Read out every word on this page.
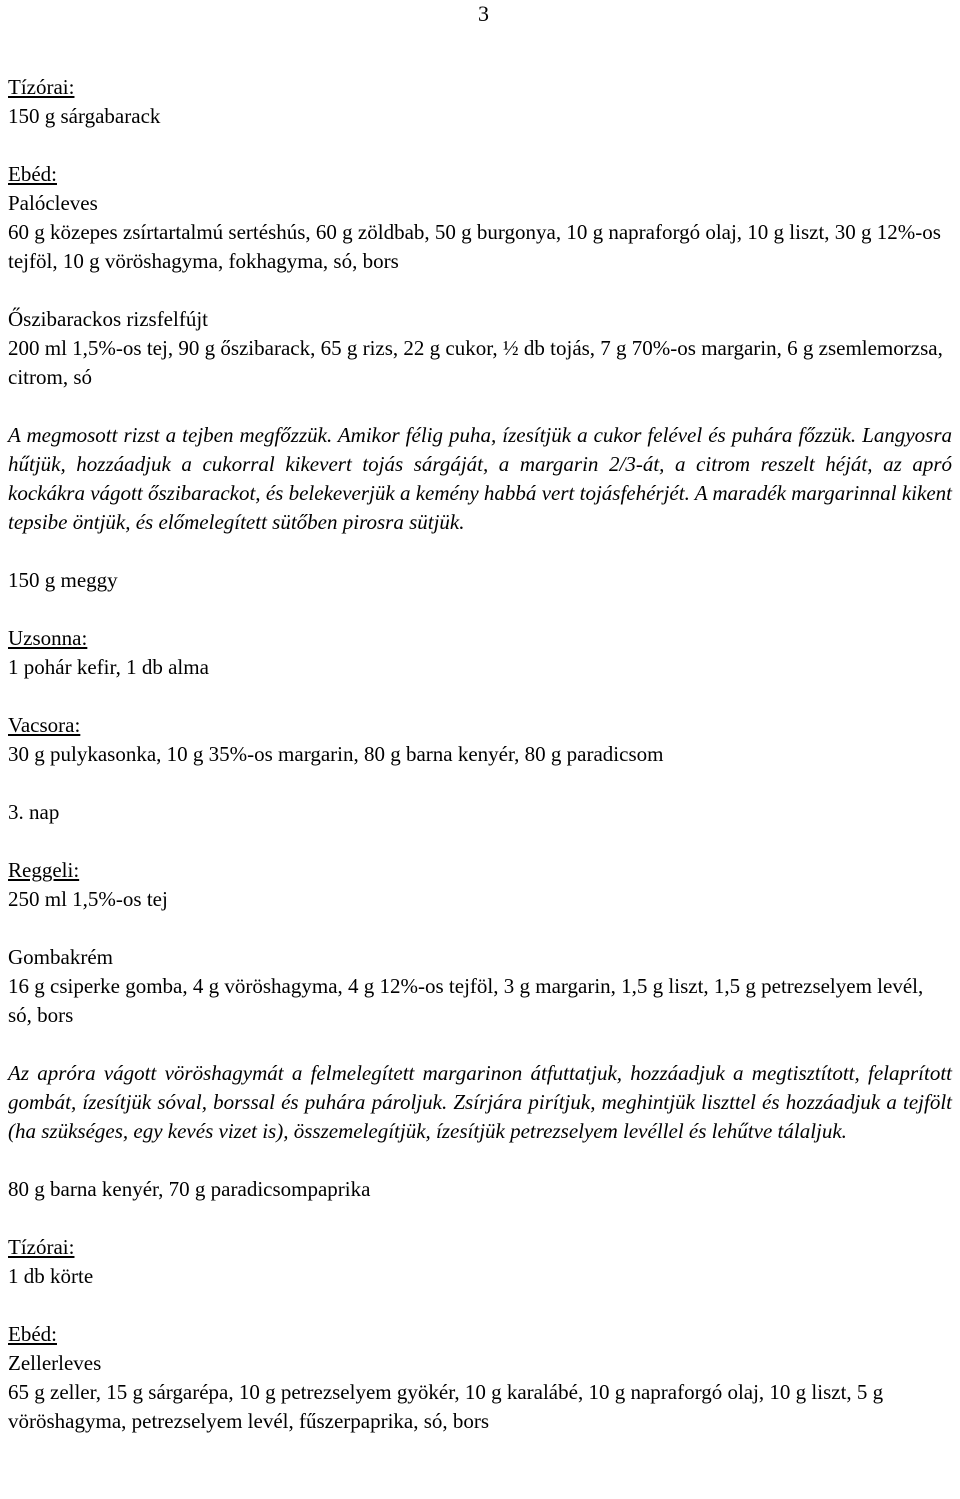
3

Tízórai:

150 g sárgabarack

Ebéd:

Palócleves

60 g közepes zsírtartalmú sertéshús, 60 g zöldbab, 50 g burgonya, 10 g napraforgó olaj, 10 g liszt, 30 g 12%-os tejföl, 10 g vöröshagyma, fokhagyma, só, bors

Őszibarackos rizsfelfújt

200 ml 1,5%-os tej, 90 g őszibarack, 65 g rizs, 22 g cukor, ½ db tojás, 7 g 70%-os margarin, 6 g zsemlemorzsa, citrom, só

A megmosott rizst a tejben megfőzzük. Amikor félig puha, ízesítjük a cukor felével és puhára főzzük. Langyosra hűtjük, hozzáadjuk a cukorral kikevert tojás sárgáját, a margarin 2/3-át, a citrom reszelt héját, az apró kockákra vágott őszibarackot, és belekeverjük a kemény habbá vert tojásfehérjét. A maradék margarinnal kikent tepsibe öntjük, és előmelegített sütőben pirosra sütjük.

150 g meggy

Uzsonna:

1 pohár kefir, 1 db alma

Vacsora:

30 g pulykasonka, 10 g 35%-os margarin, 80 g barna kenyér, 80 g paradicsom

3. nap
Reggeli:

250 ml 1,5%-os tej

Gombakrém

16 g csiperke gomba, 4 g vöröshagyma, 4 g 12%-os tejföl, 3 g margarin, 1,5 g liszt, 1,5 g petrezselyem levél, só, bors

Az apróra vágott vöröshagymát a felmelegített margarinon átfuttatjuk, hozzáadjuk a megtisztított, felaprított gombát, ízesítjük sóval, borssal és puhára pároljuk. Zsírjára pirítjuk, meghintjük liszttel és hozzáadjuk a tejfölt (ha szükséges, egy kevés vizet is), összemelegítjük, ízesítjük petrezselyem levéllel és lehűtve tálaljuk.

80 g barna kenyér, 70 g paradicsompaprika

Tízórai:

1 db körte

Ebéd:

Zellerleves

65 g zeller, 15 g sárgarépa, 10 g petrezselyem gyökér, 10 g karalábé, 10 g napraforgó olaj, 10 g liszt, 5 g vöröshagyma, petrezselyem levél, fűszerpaprika, só, bors
